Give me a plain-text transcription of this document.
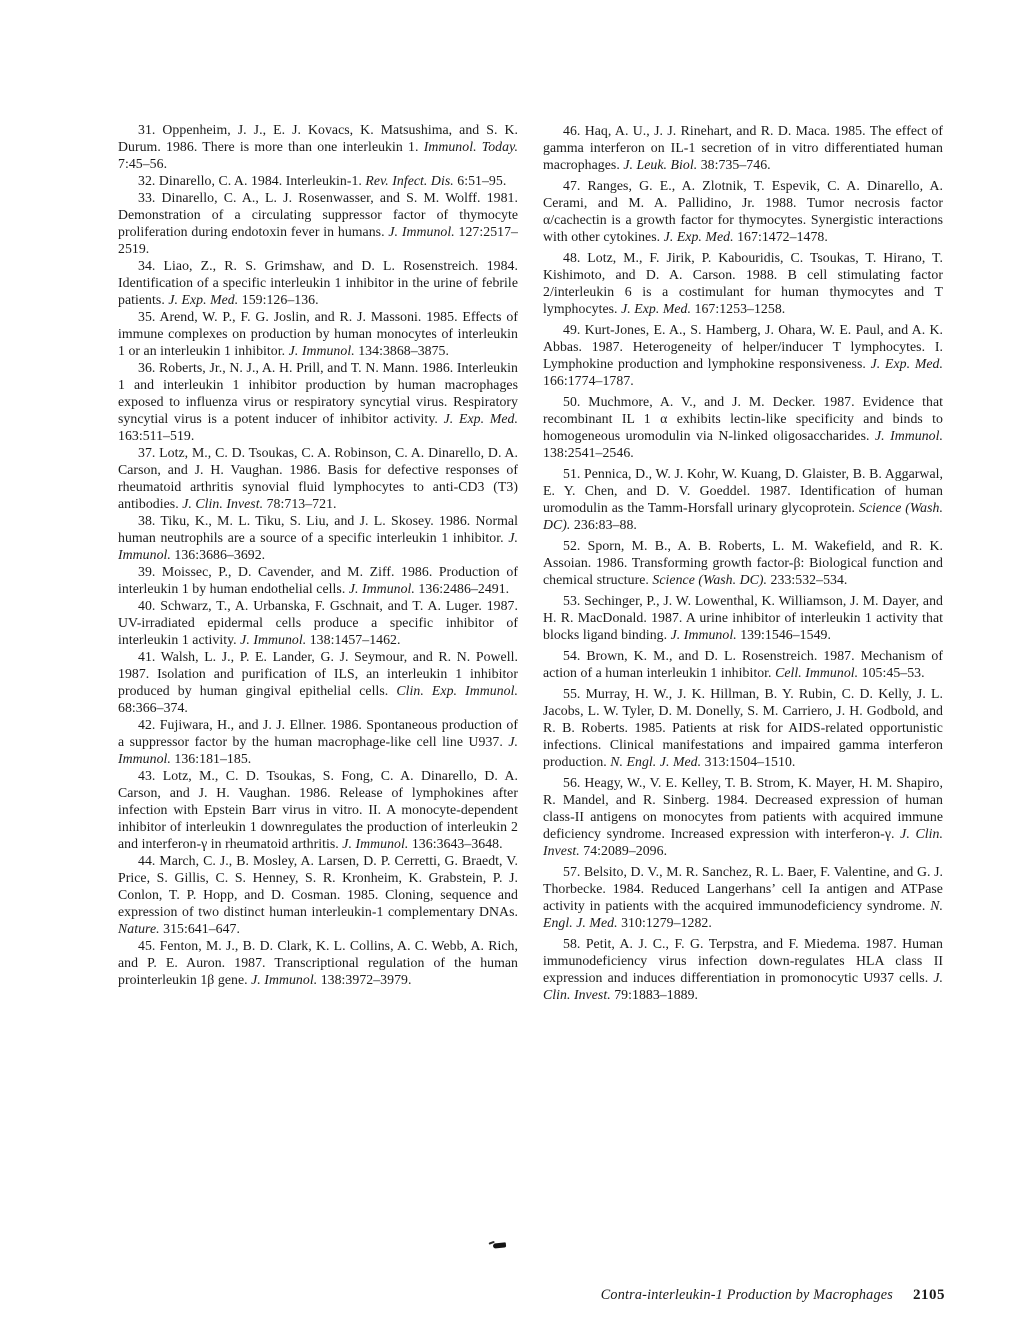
31. Oppenheim, J. J., E. J. Kovacs, K. Matsushima, and S. K. Durum. 1986. There is more than one interleukin 1. Immunol. Today. 7:45–56.

32. Dinarello, C. A. 1984. Interleukin-1. Rev. Infect. Dis. 6:51–95.

33. Dinarello, C. A., L. J. Rosenwasser, and S. M. Wolff. 1981. Demonstration of a circulating suppressor factor of thymocyte proliferation during endotoxin fever in humans. J. Immunol. 127:2517–2519.

34. Liao, Z., R. S. Grimshaw, and D. L. Rosenstreich. 1984. Identification of a specific interleukin 1 inhibitor in the urine of febrile patients. J. Exp. Med. 159:126–136.

35. Arend, W. P., F. G. Joslin, and R. J. Massoni. 1985. Effects of immune complexes on production by human monocytes of interleukin 1 or an interleukin 1 inhibitor. J. Immunol. 134:3868–3875.

36. Roberts, Jr., N. J., A. H. Prill, and T. N. Mann. 1986. Interleukin 1 and interleukin 1 inhibitor production by human macrophages exposed to influenza virus or respiratory syncytial virus. Respiratory syncytial virus is a potent inducer of inhibitor activity. J. Exp. Med. 163:511–519.

37. Lotz, M., C. D. Tsoukas, C. A. Robinson, C. A. Dinarello, D. A. Carson, and J. H. Vaughan. 1986. Basis for defective responses of rheumatoid arthritis synovial fluid lymphocytes to anti-CD3 (T3) antibodies. J. Clin. Invest. 78:713–721.

38. Tiku, K., M. L. Tiku, S. Liu, and J. L. Skosey. 1986. Normal human neutrophils are a source of a specific interleukin 1 inhibitor. J. Immunol. 136:3686–3692.

39. Moissec, P., D. Cavender, and M. Ziff. 1986. Production of interleukin 1 by human endothelial cells. J. Immunol. 136:2486–2491.

40. Schwarz, T., A. Urbanska, F. Gschnait, and T. A. Luger. 1987. UV-irradiated epidermal cells produce a specific inhibitor of interleukin 1 activity. J. Immunol. 138:1457–1462.

41. Walsh, L. J., P. E. Lander, G. J. Seymour, and R. N. Powell. 1987. Isolation and purification of ILS, an interleukin 1 inhibitor produced by human gingival epithelial cells. Clin. Exp. Immunol. 68:366–374.

42. Fujiwara, H., and J. J. Ellner. 1986. Spontaneous production of a suppressor factor by the human macrophage-like cell line U937. J. Immunol. 136:181–185.

43. Lotz, M., C. D. Tsoukas, S. Fong, C. A. Dinarello, D. A. Carson, and J. H. Vaughan. 1986. Release of lymphokines after infection with Epstein Barr virus in vitro. II. A monocyte-dependent inhibitor of interleukin 1 downregulates the production of interleukin 2 and interferon-γ in rheumatoid arthritis. J. Immunol. 136:3643–3648.

44. March, C. J., B. Mosley, A. Larsen, D. P. Cerretti, G. Braedt, V. Price, S. Gillis, C. S. Henney, S. R. Kronheim, K. Grabstein, P. J. Conlon, T. P. Hopp, and D. Cosman. 1985. Cloning, sequence and expression of two distinct human interleukin-1 complementary DNAs. Nature. 315:641–647.

45. Fenton, M. J., B. D. Clark, K. L. Collins, A. C. Webb, A. Rich, and P. E. Auron. 1987. Transcriptional regulation of the human prointerleukin 1β gene. J. Immunol. 138:3972–3979.

46. Haq, A. U., J. J. Rinehart, and R. D. Maca. 1985. The effect of gamma interferon on IL-1 secretion of in vitro differentiated human macrophages. J. Leuk. Biol. 38:735–746.

47. Ranges, G. E., A. Zlotnik, T. Espevik, C. A. Dinarello, A. Cerami, and M. A. Pallidino, Jr. 1988. Tumor necrosis factor α/cachectin is a growth factor for thymocytes. Synergistic interactions with other cytokines. J. Exp. Med. 167:1472–1478.

48. Lotz, M., F. Jirik, P. Kabouridis, C. Tsoukas, T. Hirano, T. Kishimoto, and D. A. Carson. 1988. B cell stimulating factor 2/interleukin 6 is a costimulant for human thymocytes and T lymphocytes. J. Exp. Med. 167:1253–1258.

49. Kurt-Jones, E. A., S. Hamberg, J. Ohara, W. E. Paul, and A. K. Abbas. 1987. Heterogeneity of helper/inducer T lymphocytes. I. Lymphokine production and lymphokine responsiveness. J. Exp. Med. 166:1774–1787.

50. Muchmore, A. V., and J. M. Decker. 1987. Evidence that recombinant IL 1 α exhibits lectin-like specificity and binds to homogeneous uromodulin via N-linked oligosaccharides. J. Immunol. 138:2541–2546.

51. Pennica, D., W. J. Kohr, W. Kuang, D. Glaister, B. B. Aggarwal, E. Y. Chen, and D. V. Goeddel. 1987. Identification of human uromodulin as the Tamm-Horsfall urinary glycoprotein. Science (Wash. DC). 236:83–88.

52. Sporn, M. B., A. B. Roberts, L. M. Wakefield, and R. K. Assoian. 1986. Transforming growth factor-β: Biological function and chemical structure. Science (Wash. DC). 233:532–534.

53. Sechinger, P., J. W. Lowenthal, K. Williamson, J. M. Dayer, and H. R. MacDonald. 1987. A urine inhibitor of interleukin 1 activity that blocks ligand binding. J. Immunol. 139:1546–1549.

54. Brown, K. M., and D. L. Rosenstreich. 1987. Mechanism of action of a human interleukin 1 inhibitor. Cell. Immunol. 105:45–53.

55. Murray, H. W., J. K. Hillman, B. Y. Rubin, C. D. Kelly, J. L. Jacobs, L. W. Tyler, D. M. Donelly, S. M. Carriero, J. H. Godbold, and R. B. Roberts. 1985. Patients at risk for AIDS-related opportunistic infections. Clinical manifestations and impaired gamma interferon production. N. Engl. J. Med. 313:1504–1510.

56. Heagy, W., V. E. Kelley, T. B. Strom, K. Mayer, H. M. Shapiro, R. Mandel, and R. Sinberg. 1984. Decreased expression of human class-II antigens on monocytes from patients with acquired immune deficiency syndrome. Increased expression with interferon-γ. J. Clin. Invest. 74:2089–2096.

57. Belsito, D. V., M. R. Sanchez, R. L. Baer, F. Valentine, and G. J. Thorbecke. 1984. Reduced Langerhans’ cell Ia antigen and ATPase activity in patients with the acquired immunodeficiency syndrome. N. Engl. J. Med. 310:1279–1282.

58. Petit, A. J. C., F. G. Terpstra, and F. Miedema. 1987. Human immunodeficiency virus infection down-regulates HLA class II expression and induces differentiation in promonocytic U937 cells. J. Clin. Invest. 79:1883–1889.

Contra-interleukin-1 Production by Macrophages 2105
